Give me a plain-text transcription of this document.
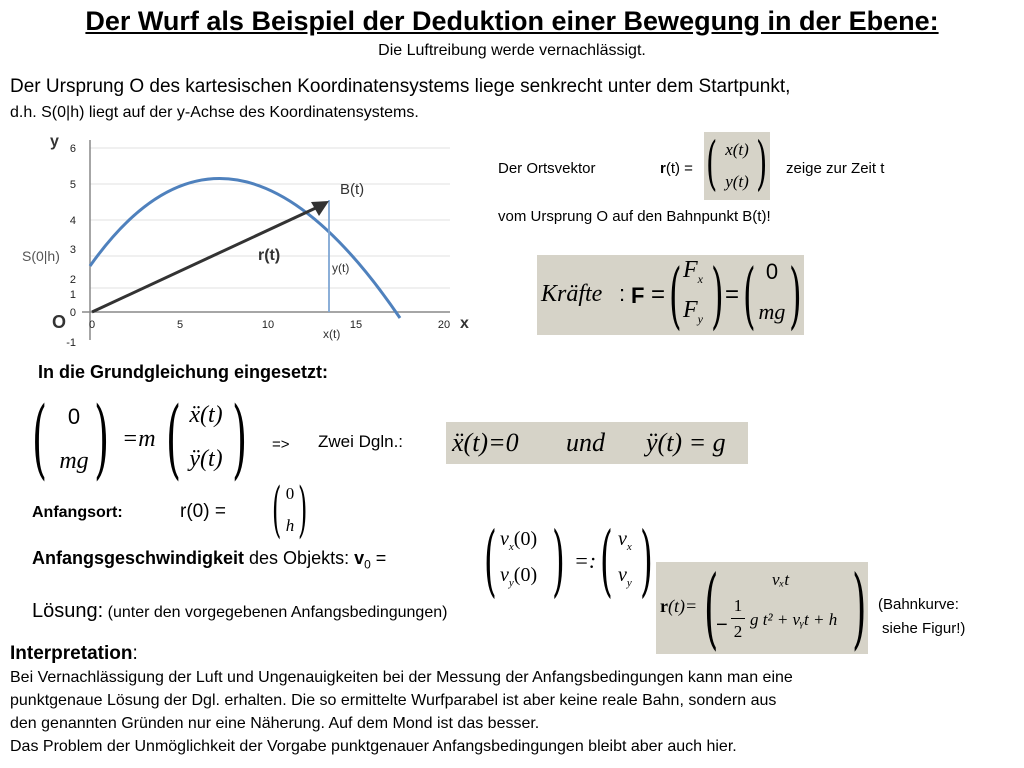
Der Wurf als Beispiel der Deduktion einer Bewegung in der Ebene:
Die Luftreibung werde vernachlässigt.
Der Ursprung O des kartesischen Koordinatensystems liege senkrecht unter dem Startpunkt,
d.h. S(0|h) liegt auf der y-Achse des Koordinatensystems.
6
5
4
3
2
1
0
-1
0	5	10	15	20
y
x
O
S(0|h)
B(t)
r(t)
y(t)
x(t)
Der Ortsvektor	r(t) = ( )
x(t)
y(t)
zeige zur Zeit t
vom Ursprung O auf den Bahnpunkt B(t)!
Kräfte : F = ( $F_x$
$F_y$ ) = ( 0
mg )
In die Grundgleichung eingesetzt:
( 0
mg ) =m ( ẍ(t)
ÿ(t) ) => Zwei Dgln.: ẍ(t)=0 und ÿ(t) = g
Anfangsort:	r(0) = ( 0
h )
Anfangsgeschwindigkeit des Objekts: $v_0$ = ( $v_x(0)$
$v_y(0)$ ) =: ( $v_x$
$v_y$ )
Lösung: (unter den vorgegebenen Anfangsbedingungen)	r(t)= (	vₓt
−
1
2
g t² + vᵧt + h ) (Bahnkurve:
siehe Figur!)
Interpretation:
Bei Vernachlässigung der Luft und Ungenauigkeiten bei der Messung der Anfangsbedingungen kann man eine
punktgenaue Lösung der Dgl. erhalten. Die so ermittelte Wurfparabel ist aber keine reale Bahn, sondern aus
den genannten Gründen nur eine Näherung. Auf dem Mond ist das besser.
Das Problem der Unmöglichkeit der Vorgabe punktgenauer Anfangsbedingungen bleibt aber auch hier.
